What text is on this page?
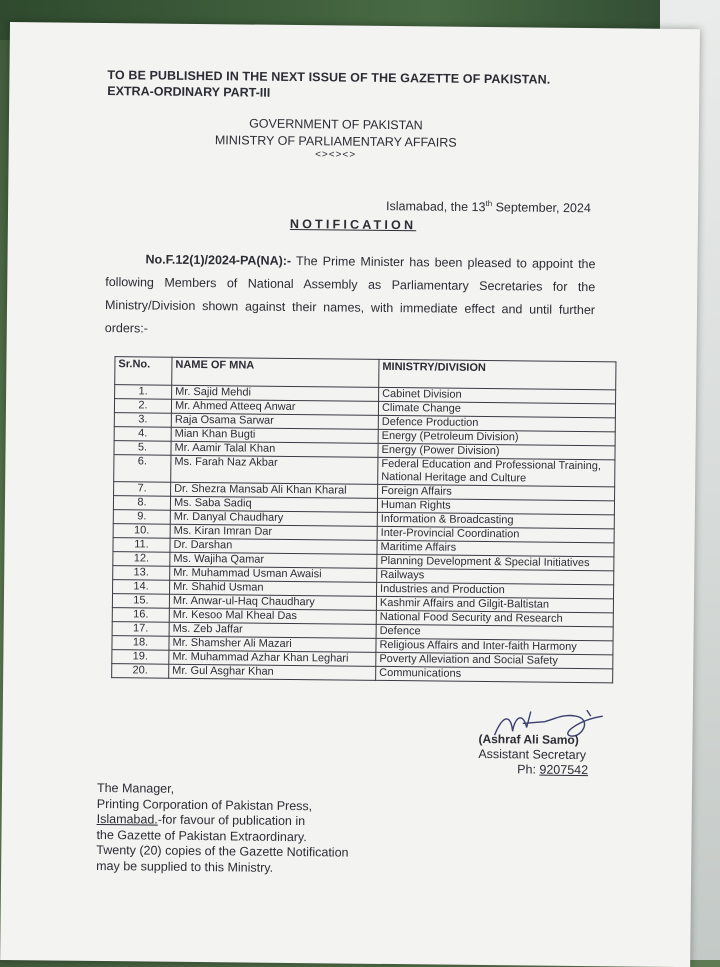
TO BE PUBLISHED IN THE NEXT ISSUE OF THE GAZETTE OF PAKISTAN.
EXTRA-ORDINARY PART-III
GOVERNMENT OF PAKISTAN
MINISTRY OF PARLIAMENTARY AFFAIRS
<><><>
Islamabad, the 13th September, 2024
NOTIFICATION
No.F.12(1)/2024-PA(NA):- The Prime Minister has been pleased to appoint the following Members of National Assembly as Parliamentary Secretaries for the Ministry/Division shown against their names, with immediate effect and until further orders:-
Sr.No.	NAME OF MNA	MINISTRY/DIVISION
1.	Mr. Sajid Mehdi	Cabinet Division
2.	Mr. Ahmed Atteeq Anwar	Climate Change
3.	Raja Osama Sarwar	Defence Production
4.	Mian Khan Bugti	Energy (Petroleum Division)
5.	Mr. Aamir Talal Khan	Energy (Power Division)
6.	Ms. Farah Naz Akbar	Federal Education and Professional Training, National Heritage and Culture
7.	Dr. Shezra Mansab Ali Khan Kharal	Foreign Affairs
8.	Ms. Saba Sadiq	Human Rights
9.	Mr. Danyal Chaudhary	Information & Broadcasting
10.	Ms. Kiran Imran Dar	Inter-Provincial Coordination
11.	Dr. Darshan	Maritime Affairs
12.	Ms. Wajiha Qamar	Planning Development & Special Initiatives
13.	Mr. Muhammad Usman Awaisi	Railways
14.	Mr. Shahid Usman	Industries and Production
15.	Mr. Anwar-ul-Haq Chaudhary	Kashmir Affairs and Gilgit-Baltistan
16.	Mr. Kesoo Mal Kheal Das	National Food Security and Research
17.	Ms. Zeb Jaffar	Defence
18.	Mr. Shamsher Ali Mazari	Religious Affairs and Inter-faith Harmony
19.	Mr. Muhammad Azhar Khan Leghari	Poverty Alleviation and Social Safety
20.	Mr. Gul Asghar Khan	Communications
(Ashraf Ali Samo)
Assistant Secretary
Ph: 9207542
The Manager,
Printing Corporation of Pakistan Press,
Islamabad.-for favour of publication in
the Gazette of Pakistan Extraordinary.
Twenty (20) copies of the Gazette Notification
may be supplied to this Ministry.
